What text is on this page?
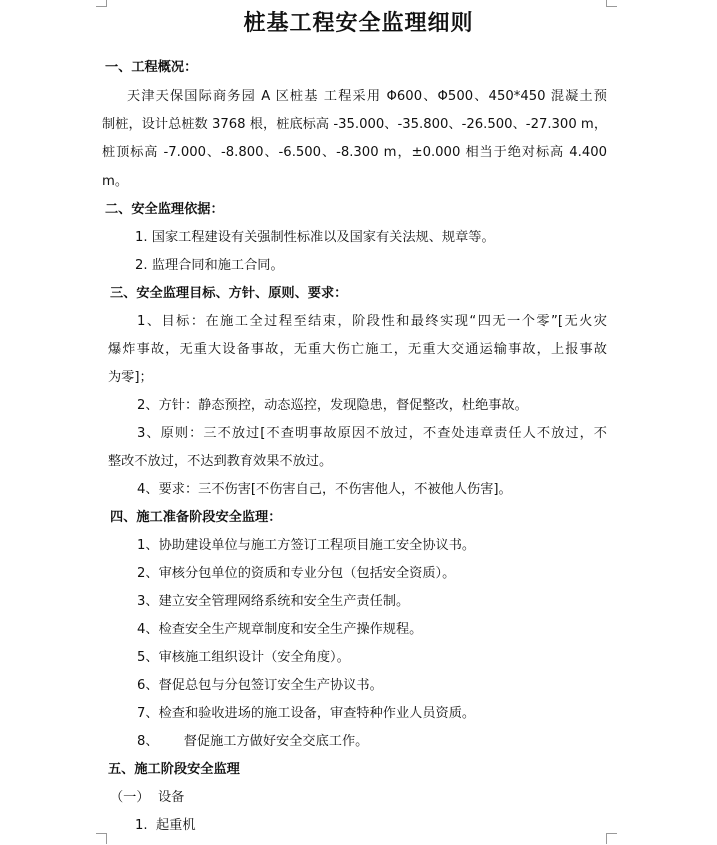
桩基工程安全监理细则
一、工程概况：
天津天保国际商务园 A 区桩基 工程采用 Φ600、Φ500、450*450 混凝土预
制桩，设计总桩数 3768 根，桩底标高 -35.000、-35.800、-26.500、-27.300 m，
桩顶标高 -7.000、-8.800、-6.500、-8.300 m，±0.000 相当于绝对标高 4.400
m。
二、安全监理依据：
1. 国家工程建设有关强制性标准以及国家有关法规、规章等。
2. 监理合同和施工合同。
三、安全监理目标、方针、原则、要求：
1、目标：在施工全过程至结束，阶段性和最终实现“四无一个零”[无火灾
爆炸事故，无重大设备事故，无重大伤亡施工，无重大交通运输事故，上报事故
为零]；
2、方针：静态预控，动态巡控，发现隐患，督促整改，杜绝事故。
3、原则：三不放过[不查明事故原因不放过，不查处违章责任人不放过，不
整改不放过，不达到教育效果不放过。
4、要求：三不伤害[不伤害自己，不伤害他人，不被他人伤害]。
四、施工准备阶段安全监理：
1、协助建设单位与施工方签订工程项目施工安全协议书。
2、审核分包单位的资质和专业分包（包括安全资质）。
3、建立安全管理网络系统和安全生产责任制。
4、检查安全生产规章制度和安全生产操作规程。
5、审核施工组织设计（安全角度）。
6、督促总包与分包签订安全生产协议书。
7、检查和验收进场的施工设备，审查特种作业人员资质。
8、      督促施工方做好安全交底工作。
五、施工阶段安全监理
（一）  设备
1.  起重机
